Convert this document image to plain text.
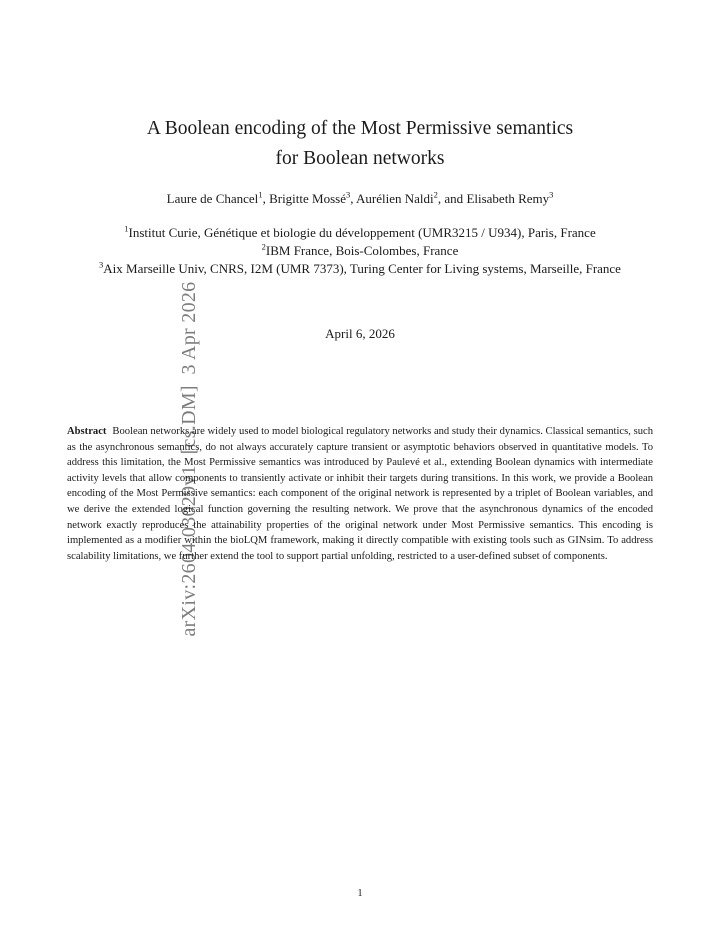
arXiv:2604.03029v1  [cs.DM]  3 Apr 2026
A Boolean encoding of the Most Permissive semantics
for Boolean networks
Laure de Chancel$^1$, Brigitte Mossé$^3$, Aurélien Naldi$^2$, and Elisabeth Remy$^3$
$^1$Institut Curie, Génétique et biologie du développement (UMR3215 / U934), Paris, France
$^2$IBM France, Bois-Colombes, France
$^3$Aix Marseille Univ, CNRS, I2M (UMR 7373), Turing Center for Living systems, Marseille, France
April 6, 2026
Abstract Boolean networks are widely used to model biological regulatory networks and study their dynamics. Classical semantics, such as the asynchronous semantics, do not always accurately capture transient or asymptotic behaviors observed in quantitative models. To address this limitation, the Most Permissive semantics was introduced by Paulevé et al., extending Boolean dynamics with intermediate activity levels that allow components to transiently activate or inhibit their targets during transitions. In this work, we provide a Boolean encoding of the Most Permissive semantics: each component of the original network is represented by a triplet of Boolean variables, and we derive the extended logical function governing the resulting network. We prove that the asynchronous dynamics of the encoded network exactly reproduces the attainability properties of the original network under Most Permissive semantics. This encoding is implemented as a modifier within the bioLQM framework, making it directly compatible with existing tools such as GINsim. To address scalability limitations, we further extend the tool to support partial unfolding, restricted to a user-defined subset of components.
1
